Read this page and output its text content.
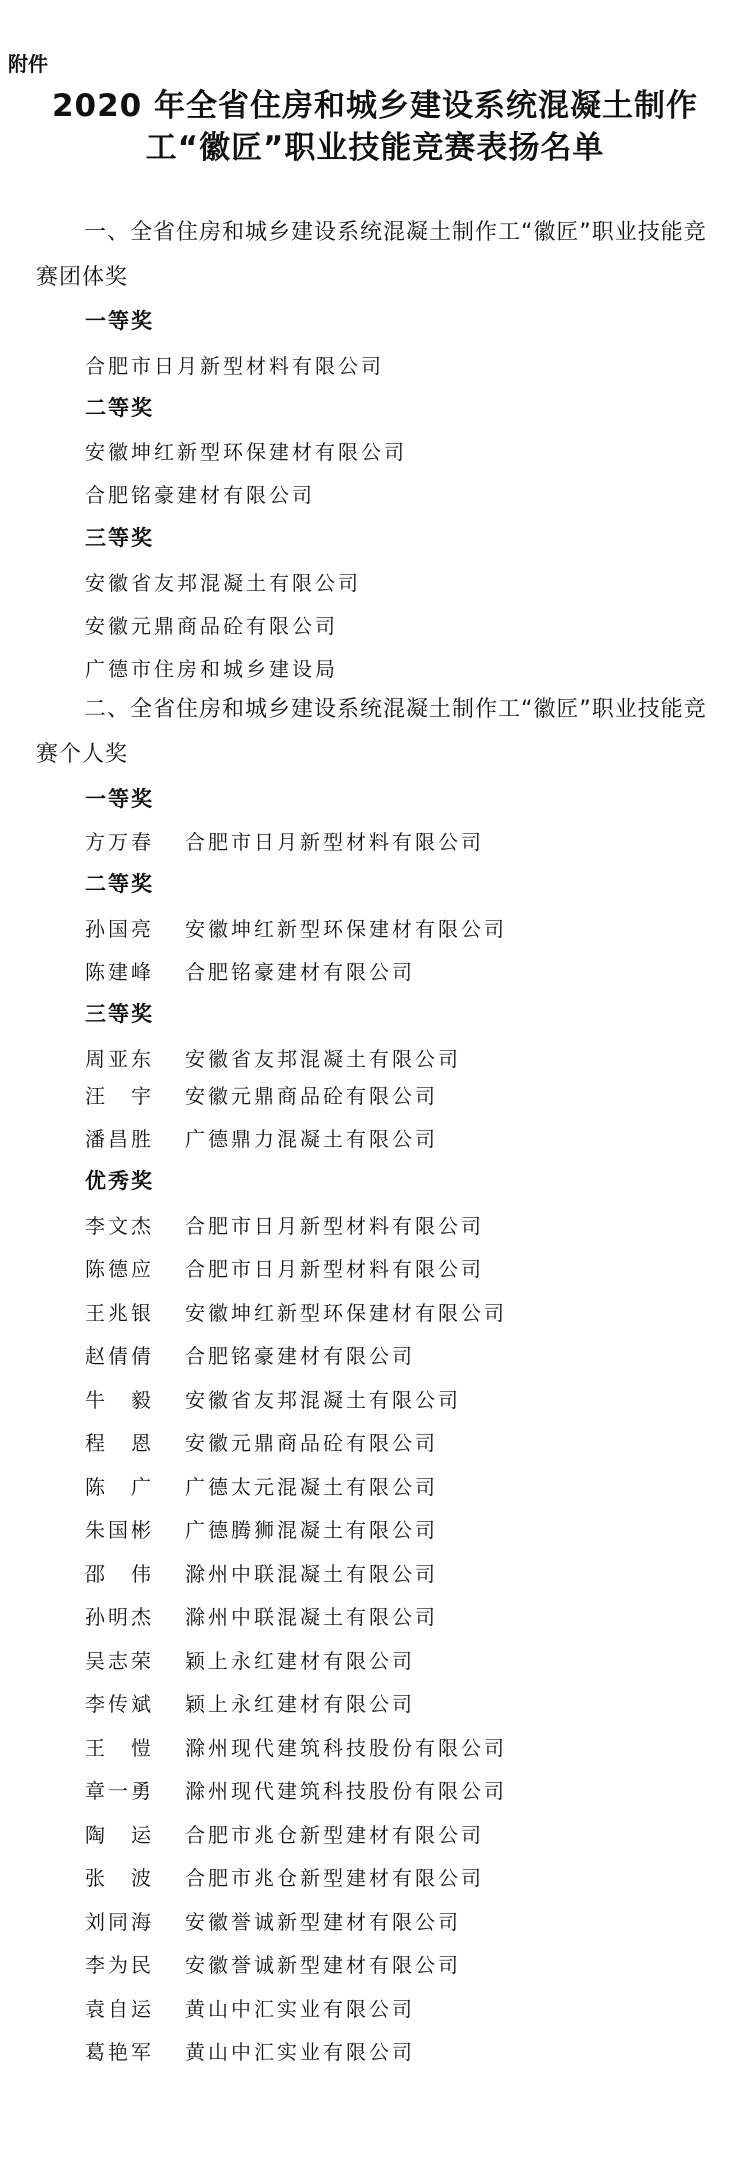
附件
2020 年全省住房和城乡建设系统混凝土制作
工“徽匠”职业技能竞赛表扬名单
一、全省住房和城乡建设系统混凝土制作工“徽匠”职业技能竞赛团体奖
一等奖
合肥市日月新型材料有限公司
二等奖
安徽坤红新型环保建材有限公司
合肥铭豪建材有限公司
三等奖
安徽省友邦混凝土有限公司
安徽元鼎商品砼有限公司
广德市住房和城乡建设局
二、全省住房和城乡建设系统混凝土制作工“徽匠”职业技能竞赛个人奖
一等奖
方万春 合肥市日月新型材料有限公司
二等奖
孙国亮 安徽坤红新型环保建材有限公司
陈建峰 合肥铭豪建材有限公司
三等奖
周亚东 安徽省友邦混凝土有限公司
汪　宇 安徽元鼎商品砼有限公司
潘昌胜 广德鼎力混凝土有限公司
优秀奖
李文杰 合肥市日月新型材料有限公司
陈德应 合肥市日月新型材料有限公司
王兆银 安徽坤红新型环保建材有限公司
赵倩倩 合肥铭豪建材有限公司
牛　毅 安徽省友邦混凝土有限公司
程　恩 安徽元鼎商品砼有限公司
陈　广 广德太元混凝土有限公司
朱国彬 广德腾狮混凝土有限公司
邵　伟 滁州中联混凝土有限公司
孙明杰 滁州中联混凝土有限公司
吴志荣 颖上永红建材有限公司
李传斌 颖上永红建材有限公司
王　愷 滁州现代建筑科技股份有限公司
章一勇 滁州现代建筑科技股份有限公司
陶　运 合肥市兆仓新型建材有限公司
张　波 合肥市兆仓新型建材有限公司
刘同海 安徽誉诚新型建材有限公司
李为民 安徽誉诚新型建材有限公司
袁自运 黄山中汇实业有限公司
葛艳军 黄山中汇实业有限公司
